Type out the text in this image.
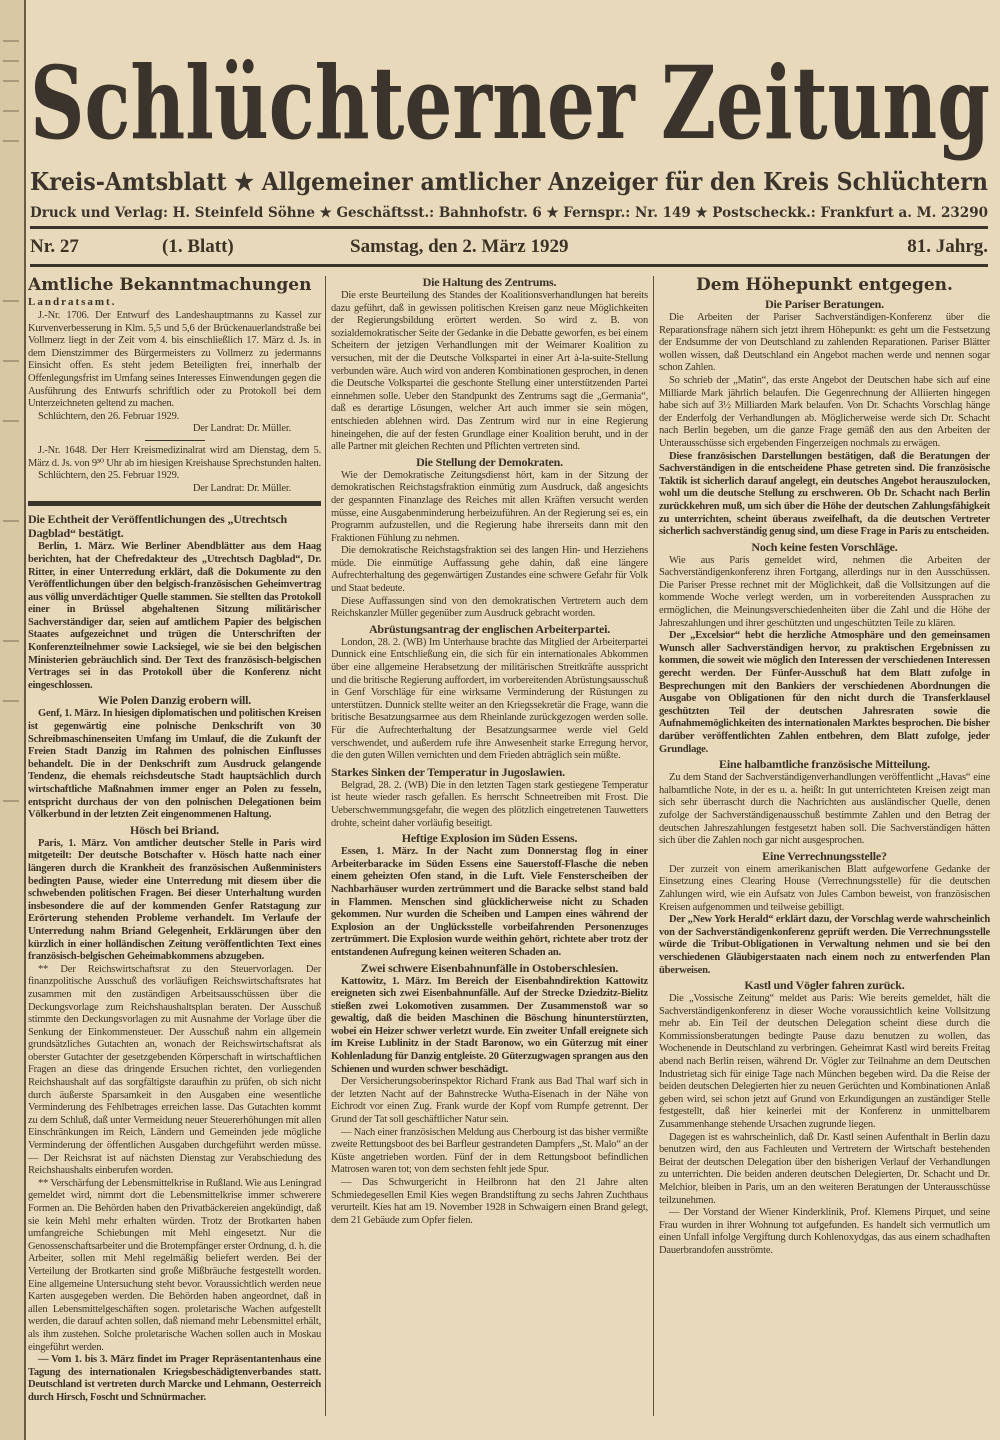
Schlüchterner Zeitung
Kreis-Amtsblatt ★ Allgemeiner amtlicher Anzeiger für den Kreis Schlüchtern
Druck und Verlag: H. Steinfeld Söhne ★ Geschäftsst.: Bahnhofstr. 6 ★ Fernspr.: Nr. 149 ★ Postscheckk.: Frankfurt a. M. 23290
Nr. 27	(1. Blatt)	Samstag, den 2. März 1929	81. Jahrg.
Amtliche Bekanntmachungen
Landratsamt.

J.-Nr. 1706. Der Entwurf des Landeshauptmanns zu Kassel zur Kurvenverbesserung in Klm. 5,5 und 5,6 der Brückenauerlandstraße bei Vollmerz liegt in der Zeit vom 4. bis einschließlich 17. März d. Js. in dem Dienstzimmer des Bürgermeisters zu Vollmerz zu jedermanns Einsicht offen. Es steht jedem Beteiligten frei, innerhalb der Offenlegungsfrist im Umfang seines Interesses Einwendungen gegen die Ausführung des Entwurfs schriftlich oder zu Protokoll bei dem Unterzeichneten geltend zu machen.

Schlüchtern, den 26. Februar 1929.

Der Landrat: Dr. Müller.

J.-Nr. 1648. Der Herr Kreismedizinalrat wird am Dienstag, dem 5. März d. Js. von 9³⁰ Uhr ab im hiesigen Kreishause Sprechstunden halten.

Schlüchtern, den 25. Februar 1929.

Der Landrat: Dr. Müller.

Die Echtheit der Veröffentlichungen des „Utrechtsch Dagblad“ bestätigt.

Berlin, 1. März. Wie Berliner Abendblätter aus dem Haag berichten, hat der Chefredakteur des „Utrechtsch Dagblad“, Dr. Ritter, in einer Unterredung erklärt, daß die Dokumente zu den Veröffentlichungen über den belgisch-französischen Geheimvertrag aus völlig unverdächtiger Quelle stammen. Sie stellten das Protokoll einer in Brüssel abgehaltenen Sitzung militärischer Sachverständiger dar, seien auf amtlichem Papier des belgischen Staates aufgezeichnet und trügen die Unterschriften der Konferenzteilnehmer sowie Lacksiegel, wie sie bei den belgischen Ministerien gebräuchlich sind. Der Text des französisch-belgischen Vertrages sei in das Protokoll über die Konferenz nicht eingeschlossen.

Wie Polen Danzig erobern will.

Genf, 1. März. In hiesigen diplomatischen und politischen Kreisen ist gegenwärtig eine polnische Denkschrift von 30 Schreibmaschinenseiten Umfang im Umlauf, die die Zukunft der Freien Stadt Danzig im Rahmen des polnischen Einflusses behandelt. Die in der Denkschrift zum Ausdruck gelangende Tendenz, die ehemals reichsdeutsche Stadt hauptsächlich durch wirtschaftliche Maßnahmen immer enger an Polen zu fesseln, entspricht durchaus der von den polnischen Delegationen beim Völkerbund in der letzten Zeit eingenommenen Haltung.

Hösch bei Briand.

Paris, 1. März. Von amtlicher deutscher Stelle in Paris wird mitgeteilt: Der deutsche Botschafter v. Hösch hatte nach einer längeren durch die Krankheit des französischen Außenministers bedingten Pause, wieder eine Unterredung mit diesem über die schwebenden politischen Fragen. Bei dieser Unterhaltung wurden insbesondere die auf der kommenden Genfer Ratstagung zur Erörterung stehenden Probleme verhandelt. Im Verlaufe der Unterredung nahm Briand Gelegenheit, Erklärungen über den kürzlich in einer holländischen Zeitung veröffentlichten Text eines französisch-belgischen Geheimabkommens abzugeben.

** Der Reichswirtschaftsrat zu den Steuervorlagen. Der finanzpolitische Ausschuß des vorläufigen Reichswirtschaftsrates hat zusammen mit den zuständigen Arbeitsausschüssen über die Deckungsvorlage zum Reichshaushaltsplan beraten. Der Ausschuß stimmte den Deckungsvorlagen zu mit Ausnahme der Vorlage über die Senkung der Einkommensteuer. Der Ausschuß nahm ein allgemein grundsätzliches Gutachten an, wonach der Reichswirtschaftsrat als oberster Gutachter der gesetzgebenden Körperschaft in wirtschaftlichen Fragen an diese das dringende Ersuchen richtet, den vorliegenden Reichshaushalt auf das sorgfältigste daraufhin zu prüfen, ob sich nicht durch äußerste Sparsamkeit in den Ausgaben eine wesentliche Verminderung des Fehlbetrages erreichen lasse. Das Gutachten kommt zu dem Schluß, daß unter Vermeidung neuer Steuererhöhungen mit allen Einschränkungen im Reich, Ländern und Gemeinden jede mögliche Verminderung der öffentlichen Ausgaben durchgeführt werden müsse. — Der Reichsrat ist auf nächsten Dienstag zur Verabschiedung des Reichshaushalts einberufen worden.

** Verschärfung der Lebensmittelkrise in Rußland. Wie aus Leningrad gemeldet wird, nimmt dort die Lebensmittelkrise immer schwerere Formen an. Die Behörden haben den Privatbäckereien angekündigt, daß sie kein Mehl mehr erhalten würden. Trotz der Brotkarten haben umfangreiche Schiebungen mit Mehl eingesetzt. Nur die Genossenschaftsarbeiter und die Brotempfänger erster Ordnung, d. h. die Arbeiter, sollen mit Mehl regelmäßig beliefert werden. Bei der Verteilung der Brotkarten sind große Mißbräuche festgestellt worden. Eine allgemeine Untersuchung steht bevor. Voraussichtlich werden neue Karten ausgegeben werden. Die Behörden haben angeordnet, daß in allen Lebensmittelgeschäften sogen. proletarische Wachen aufgestellt werden, die darauf achten sollen, daß niemand mehr Lebensmittel erhält, als ihm zustehen. Solche proletarische Wachen sollen auch in Moskau eingeführt werden.

— Vom 1. bis 3. März findet im Prager Repräsentantenhaus eine Tagung des internationalen Kriegsbeschädigtenverbandes statt. Deutschland ist vertreten durch Marcke und Lehmann, Oesterreich durch Hirsch, Foscht und Schnürmacher.

Die Haltung des Zentrums.

Die erste Beurteilung des Standes der Koalitionsverhandlungen hat bereits dazu geführt, daß in gewissen politischen Kreisen ganz neue Möglichkeiten der Regierungsbildung erörtert werden. So wird z. B. von sozialdemokratischer Seite der Gedanke in die Debatte geworfen, es bei einem Scheitern der jetzigen Verhandlungen mit der Weimarer Koalition zu versuchen, mit der die Deutsche Volkspartei in einer Art à-la-suite-Stellung verbunden wäre. Auch wird von anderen Kombinationen gesprochen, in denen die Deutsche Volkspartei die geschonte Stellung einer unterstützenden Partei einnehmen solle. Ueber den Standpunkt des Zentrums sagt die „Germania“, daß es derartige Lösungen, welcher Art auch immer sie sein mögen, entschieden ablehnen wird. Das Zentrum wird nur in eine Regierung hineingehen, die auf der festen Grundlage einer Koalition beruht, und in der alle Partner mit gleichen Rechten und Pflichten vertreten sind.

Die Stellung der Demokraten.

Wie der Demokratische Zeitungsdienst hört, kam in der Sitzung der demokratischen Reichstagsfraktion einmütig zum Ausdruck, daß angesichts der gespannten Finanzlage des Reiches mit allen Kräften versucht werden müsse, eine Ausgabenminderung herbeizuführen. An der Regierung sei es, ein Programm aufzustellen, und die Regierung habe ihrerseits dann mit den Fraktionen Fühlung zu nehmen.

Die demokratische Reichstagsfraktion sei des langen Hin- und Herziehens müde. Die einmütige Auffassung gehe dahin, daß eine längere Aufrechterhaltung des gegenwärtigen Zustandes eine schwere Gefahr für Volk und Staat bedeute.

Diese Auffassungen sind von den demokratischen Vertretern auch dem Reichskanzler Müller gegenüber zum Ausdruck gebracht worden.

Abrüstungsantrag der englischen Arbeiterpartei.

London, 28. 2. (WB) Im Unterhause brachte das Mitglied der Arbeiterpartei Dunnick eine Entschließung ein, die sich für ein internationales Abkommen über eine allgemeine Herabsetzung der militärischen Streitkräfte ausspricht und die britische Regierung auffordert, im vorbereitenden Abrüstungsausschuß in Genf Vorschläge für eine wirksame Verminderung der Rüstungen zu unterstützen. Dunnick stellte weiter an den Kriegssekretär die Frage, wann die britische Besatzungsarmee aus dem Rheinlande zurückgezogen werden solle. Für die Aufrechterhaltung der Besatzungsarmee werde viel Geld verschwendet, und außerdem rufe ihre Anwesenheit starke Erregung hervor, die den guten Willen vernichten und dem Frieden abträglich sein müßte.

Starkes Sinken der Temperatur in Jugoslawien.

Belgrad, 28. 2. (WB) Die in den letzten Tagen stark gestiegene Temperatur ist heute wieder rasch gefallen. Es herrscht Schneetreiben mit Frost. Die Ueberschwemmungsgefahr, die wegen des plötzlich eingetretenen Tauwetters drohte, scheint daher vorläufig beseitigt.

Heftige Explosion im Süden Essens.

Essen, 1. März. In der Nacht zum Donnerstag flog in einer Arbeiterbaracke im Süden Essens eine Sauerstoff-Flasche die neben einem geheizten Ofen stand, in die Luft. Viele Fensterscheiben der Nachbarhäuser wurden zertrümmert und die Baracke selbst stand bald in Flammen. Menschen sind glücklicherweise nicht zu Schaden gekommen. Nur wurden die Scheiben und Lampen eines während der Explosion an der Unglücksstelle vorbeifahrenden Personenzuges zertrümmert. Die Explosion wurde weithin gehört, richtete aber trotz der entstandenen Aufregung keinen weiteren Schaden an.

Zwei schwere Eisenbahnunfälle in Ostoberschlesien.

Kattowitz, 1. März. Im Bereich der Eisenbahndirektion Kattowitz ereigneten sich zwei Eisenbahnunfälle. Auf der Strecke Dziedzitz-Bielitz stießen zwei Lokomotiven zusammen. Der Zusammenstoß war so gewaltig, daß die beiden Maschinen die Böschung hinunterstürzten, wobei ein Heizer schwer verletzt wurde. Ein zweiter Unfall ereignete sich im Kreise Lublinitz in der Stadt Baronow, wo ein Güterzug mit einer Kohlenladung für Danzig entgleiste. 20 Güterzugwagen sprangen aus den Schienen und wurden schwer beschädigt.

Der Versicherungsoberinspektor Richard Frank aus Bad Thal warf sich in der letzten Nacht auf der Bahnstrecke Wutha-Eisenach in der Nähe von Eichrodt vor einen Zug. Frank wurde der Kopf vom Rumpfe getrennt. Der Grund der Tat soll geschäftlicher Natur sein.

— Nach einer französischen Meldung aus Cherbourg ist das bisher vermißte zweite Rettungsboot des bei Barfleur gestrandeten Dampfers „St. Malo“ an der Küste angetrieben worden. Fünf der in dem Rettungsboot befindlichen Matrosen waren tot; von dem sechsten fehlt jede Spur.

— Das Schwurgericht in Heilbronn hat den 21 Jahre alten Schmiedegesellen Emil Kies wegen Brandstiftung zu sechs Jahren Zuchthaus verurteilt. Kies hat am 19. November 1928 in Schwaigern einen Brand gelegt, dem 21 Gebäude zum Opfer fielen.

Dem Höhepunkt entgegen.
Die Pariser Beratungen.

Die Arbeiten der Pariser Sachverständigen-Konferenz über die Reparationsfrage nähern sich jetzt ihrem Höhepunkt: es geht um die Festsetzung der Endsumme der von Deutschland zu zahlenden Reparationen. Pariser Blätter wollen wissen, daß Deutschland ein Angebot machen werde und nennen sogar schon Zahlen.

So schrieb der „Matin“, das erste Angebot der Deutschen habe sich auf eine Milliarde Mark jährlich belaufen. Die Gegenrechnung der Alliierten hingegen habe sich auf 3½ Milliarden Mark belaufen. Von Dr. Schachts Vorschlag hänge der Enderfolg der Verhandlungen ab. Möglicherweise werde sich Dr. Schacht nach Berlin begeben, um die ganze Frage gemäß den aus den Arbeiten der Unterausschüsse sich ergebenden Fingerzeigen nochmals zu erwägen.

Diese französischen Darstellungen bestätigen, daß die Beratungen der Sachverständigen in die entscheidene Phase getreten sind. Die französische Taktik ist sicherlich darauf angelegt, ein deutsches Angebot herauszulocken, wohl um die deutsche Stellung zu erschweren. Ob Dr. Schacht nach Berlin zurückkehren muß, um sich über die Höhe der deutschen Zahlungsfähigkeit zu unterrichten, scheint überaus zweifelhaft, da die deutschen Vertreter sicherlich sachverständig genug sind, um diese Frage in Paris zu entscheiden.

Noch keine festen Vorschläge.

Wie aus Paris gemeldet wird, nehmen die Arbeiten der Sachverständigenkonferenz ihren Fortgang, allerdings nur in den Ausschüssen. Die Pariser Presse rechnet mit der Möglichkeit, daß die Vollsitzungen auf die kommende Woche verlegt werden, um in vorbereitenden Aussprachen zu ermöglichen, die Meinungsverschiedenheiten über die Zahl und die Höhe der Jahreszahlungen und ihrer geschützten und ungeschützten Teile zu klären.

Der „Excelsior“ hebt die herzliche Atmosphäre und den gemeinsamen Wunsch aller Sachverständigen hervor, zu praktischen Ergebnissen zu kommen, die soweit wie möglich den Interessen der verschiedenen Interessen gerecht werden. Der Fünfer-Ausschuß hat dem Blatt zufolge in Besprechungen mit den Bankiers der verschiedenen Abordnungen die Ausgabe von Obligationen für den nicht durch die Transferklausel geschützten Teil der deutschen Jahresraten sowie die Aufnahmemöglichkeiten des internationalen Marktes besprochen. Die bisher darüber veröffentlichten Zahlen entbehren, dem Blatt zufolge, jeder Grundlage.

Eine halbamtliche französische Mitteilung.

Zu dem Stand der Sachverständigenverhandlungen veröffentlicht „Havas“ eine halbamtliche Note, in der es u. a. heißt: In gut unterrichteten Kreisen zeigt man sich sehr überrascht durch die Nachrichten aus ausländischer Quelle, denen zufolge der Sachverständigenausschuß bestimmte Zahlen und den Betrag der deutschen Jahreszahlungen festgesetzt haben soll. Die Sachverständigen hätten sich über die Zahlen noch gar nicht ausgesprochen.

Eine Verrechnungsstelle?

Der zurzeit von einem amerikanischen Blatt aufgeworfene Gedanke der Einsetzung eines Clearing House (Verrechnungsstelle) für die deutschen Zahlungen wird, wie ein Aufsatz von Jules Cambon beweist, von französischen Kreisen aufgenommen und teilweise gebilligt.

Der „New York Herald“ erklärt dazu, der Vorschlag werde wahrscheinlich von der Sachverständigenkonferenz geprüft werden. Die Verrechnungsstelle würde die Tribut-Obligationen in Verwaltung nehmen und sie bei den verschiedenen Gläubigerstaaten nach einem noch zu entwerfenden Plan überweisen.

Kastl und Vögler fahren zurück.

Die „Vossische Zeitung“ meldet aus Paris: Wie bereits gemeldet, hält die Sachverständigenkonferenz in dieser Woche voraussichtlich keine Vollsitzung mehr ab. Ein Teil der deutschen Delegation scheint diese durch die Kommissionsberatungen bedingte Pause dazu benutzen zu wollen, das Wochenende in Deutschland zu verbringen. Geheimrat Kastl wird bereits Freitag abend nach Berlin reisen, während Dr. Vögler zur Teilnahme an dem Deutschen Industrietag sich für einige Tage nach München begeben wird. Da die Reise der beiden deutschen Delegierten hier zu neuen Gerüchten und Kombinationen Anlaß geben wird, sei schon jetzt auf Grund von Erkundigungen an zuständiger Stelle festgestellt, daß hier keinerlei mit der Konferenz in unmittelbarem Zusammenhange stehende Ursachen zugrunde liegen.

Dagegen ist es wahrscheinlich, daß Dr. Kastl seinen Aufenthalt in Berlin dazu benutzen wird, den aus Fachleuten und Vertretern der Wirtschaft bestehenden Beirat der deutschen Delegation über den bisherigen Verlauf der Verhandlungen zu unterrichten. Die beiden anderen deutschen Delegierten, Dr. Schacht und Dr. Melchior, bleiben in Paris, um an den weiteren Beratungen der Unterausschüsse teilzunehmen.

— Der Vorstand der Wiener Kinderklinik, Prof. Klemens Pirquet, und seine Frau wurden in ihrer Wohnung tot aufgefunden. Es handelt sich vermutlich um einen Unfall infolge Vergiftung durch Kohlenoxydgas, das aus einem schadhaften Dauerbrandofen ausströmte.
